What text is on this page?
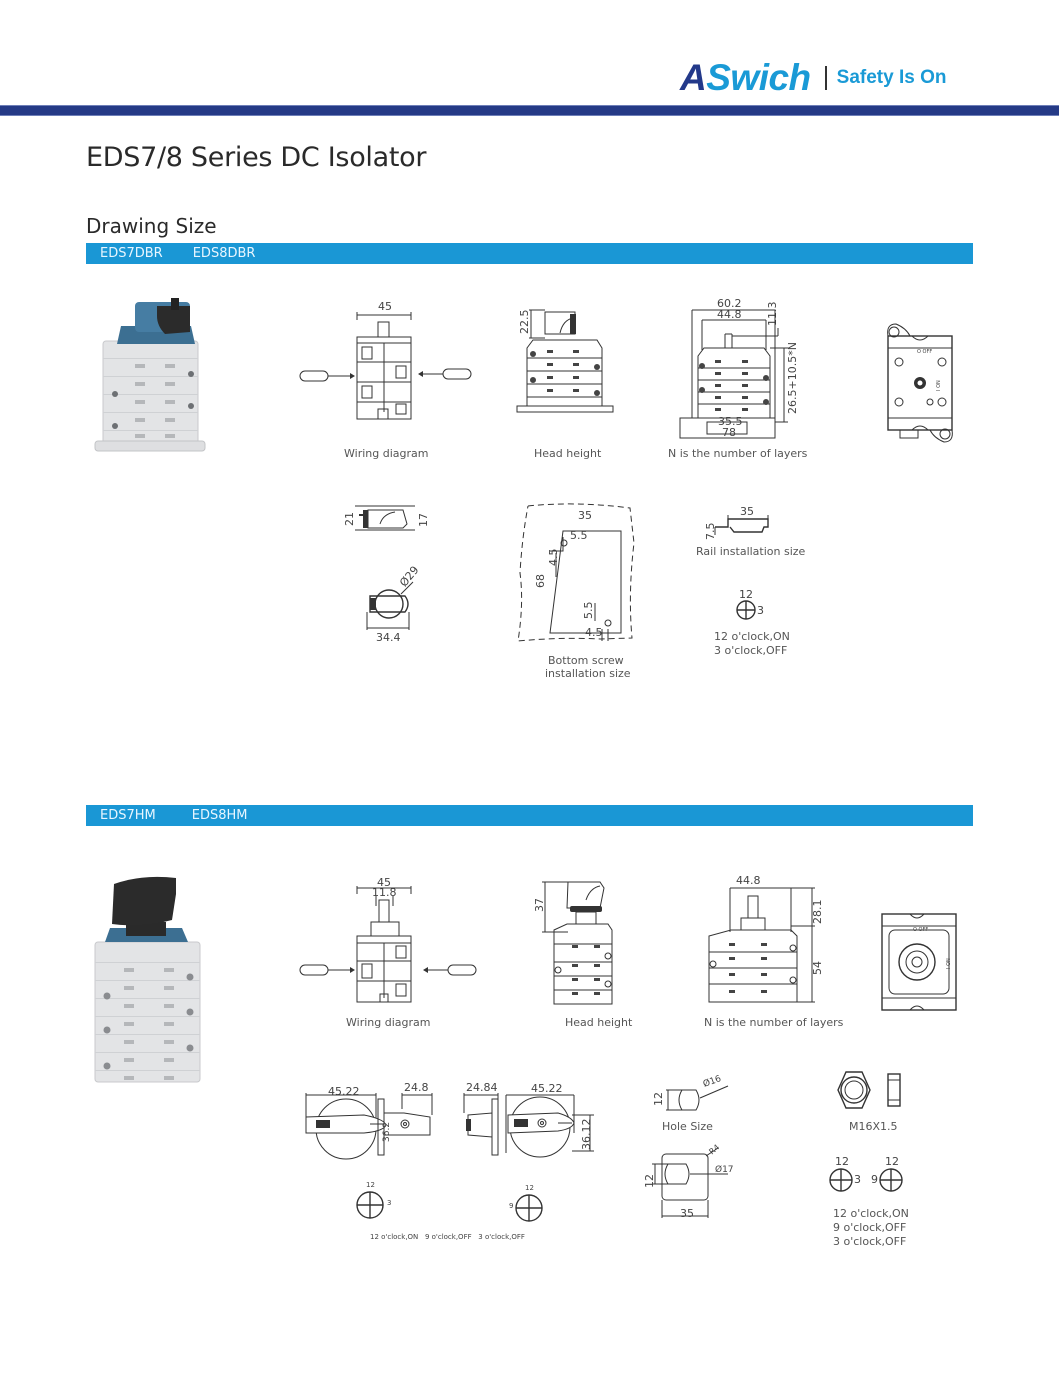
ASwich Safety Is On
EDS7/8 Series DC Isolator
Drawing Size
EDS7DBR EDS8DBR
45
Wiring diagram
22.5
Head height
60.2
44.8 11.3
26.5+10.5*N
35.5
78
N is the number of layers
O OFF
I ON
21	17
Ø29
34.4
35
5.5
4.5
68
5.5
4.5
Bottom screw
installation size
35
7.5
Rail installation size
12
3
12 o'clock,ON
3 o'clock,OFF
EDS7HM	EDS8HM
45
11.8
Wiring diagram
37
Head height
44.8
28.1
54
N is the number of layers
O OFF
I ON
45.22	24.8
36.2
24.84	45.22
36.12
12
3
12
9
12 o'clock,ON   9 o'clock,OFF   3 o'clock,OFF
12
Ø16
Hole Size	M16X1.5
R4
Ø17
12
35
12
3
12
9
12 o'clock,ON
9 o'clock,OFF
3 o'clock,OFF
